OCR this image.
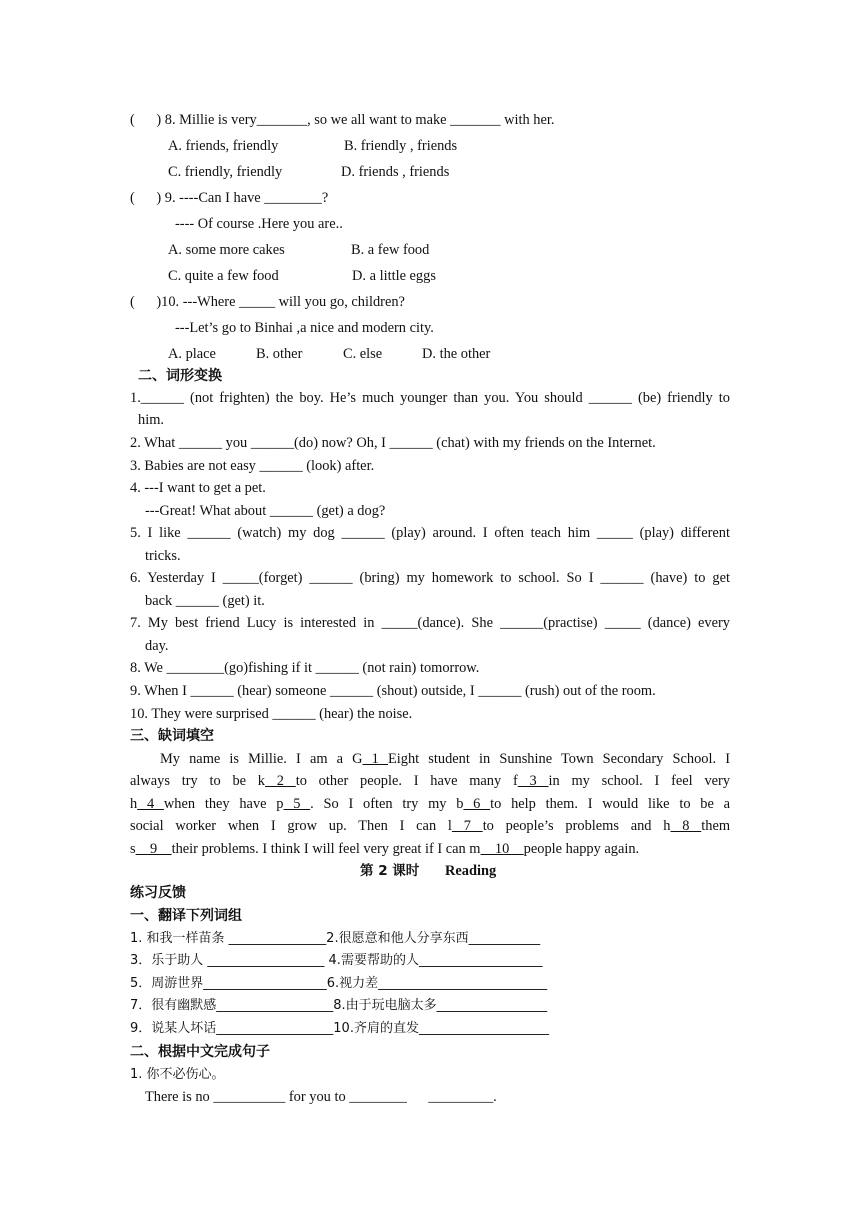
(      ) 8. Millie is very_______, so we all want to make _______ with her.
A. friends, friendly	B. friendly , friends
C. friendly, friendly	D. friends , friends
(      ) 9. ----Can I have ________?
---- Of course .Here you are..
A. some more cakes	B. a few food
C. quite a few food	D. a little eggs
(      )10. ---Where _____ will you go, children?
---Let’s go to Binhai ,a nice and modern city.
A. place	B. other	C. else	D. the other
二、词形变换
1.______ (not frighten) the boy. He’s much younger than you. You should ______ (be) friendly to
him.
2. What ______ you ______(do) now? Oh, I ______ (chat) with my friends on the Internet.
3. Babies are not easy ______ (look) after.
4. ---I want to get a pet.
---Great! What about ______ (get) a dog?
5. I like ______ (watch) my dog ______ (play) around. I often teach him _____ (play) different
tricks.
6. Yesterday I _____(forget) ______ (bring) my homework to school. So I ______ (have) to get
back ______ (get) it.
7. My best friend Lucy is interested in _____(dance). She ______(practise) _____ (dance) every
day.
8. We ________(go)fishing if it ______ (not rain) tomorrow.
9. When I ______ (hear) someone ______ (shout) outside, I ______ (rush) out of the room.
10. They were surprised ______ (hear) the noise.
三、缺词填空
My name is Millie. I am a G 1 Eight student in Sunshine Town Secondary School. I
always try to be k 2 to other people. I have many f 3 in my school. I feel very
h 4 when they have p 5 . So I often try my b 6 to help them. I would like to be a
social worker when I grow up. Then I can l 7 to people’s problems and h 8 them
s    9    their problems. I think I will feel very great if I can m    10    people happy again.
第 2 课时 Reading
练习反馈
一、翻译下列词组
1. 和我一样苗条 _______________2.很愿意和他人分享东西___________
3．乐于助人 __________________ 4.需要帮助的人___________________
5．周游世界___________________6.视力差__________________________
7．很有幽默感__________________8.由于玩电脑太多_________________
9．说某人坏话__________________10.齐肩的直发____________________
二、根据中文完成句子
1. 你不必伤心。
There is no __________ for you to ________      _________.
